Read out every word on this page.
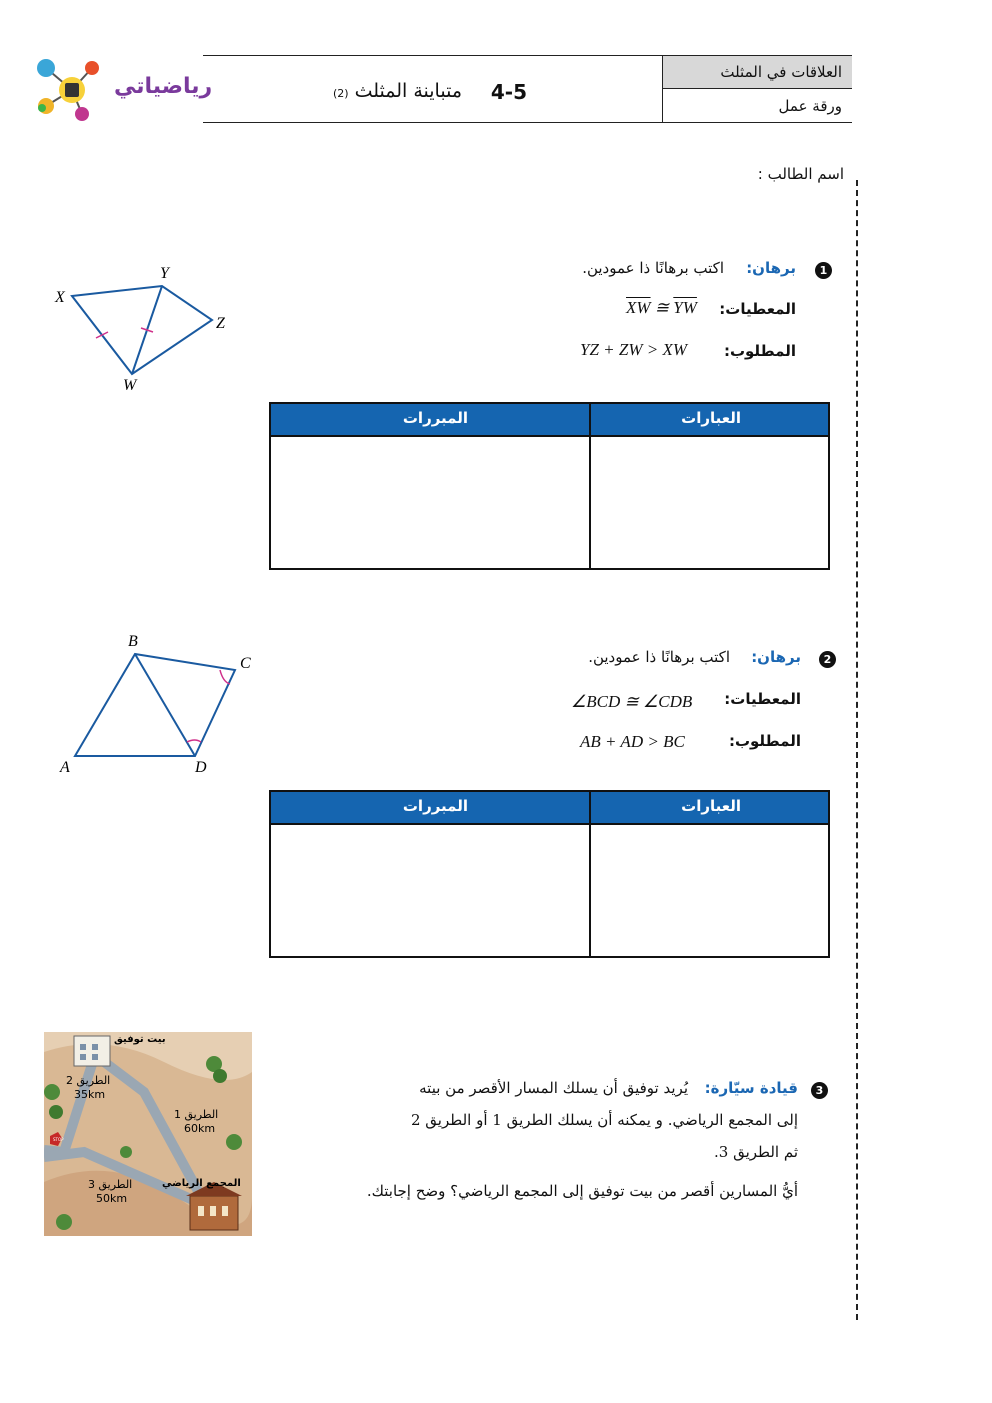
رياضياتي	4-5
متباينة المثلث (2)
العلاقات في المثلث
ورقة عمل
اسم الطالب :
1
برهان:
اكتب برهانًا ذا عمودين.
المعطيات:
$\overline{XW}$ ≅ $\overline{YW}$
المطلوب:
YZ + ZW > XW
X
Y
Z
W
العبارات
المبررات
2
برهان:
اكتب برهانًا ذا عمودين.
المعطيات:
∠BCD ≅ ∠CDB
المطلوب:
AB + AD > BC
B
C
A	D
العبارات
المبررات
3
قيادة سيّارة:
يُريد توفيق أن يسلك المسار الأقصر من بيته
إلى المجمع الرياضي. و يمكنه أن يسلك الطريق 1 أو الطريق 2
ثم الطريق 3.
أيُّ المسارين أقصر من بيت توفيق إلى المجمع الرياضي؟ وضح إجابتك.
STOP
بيت توفيق
الطريق 2
35km
الطريق 1
60km
الطريق 3
50km
المجمع الرياضي
